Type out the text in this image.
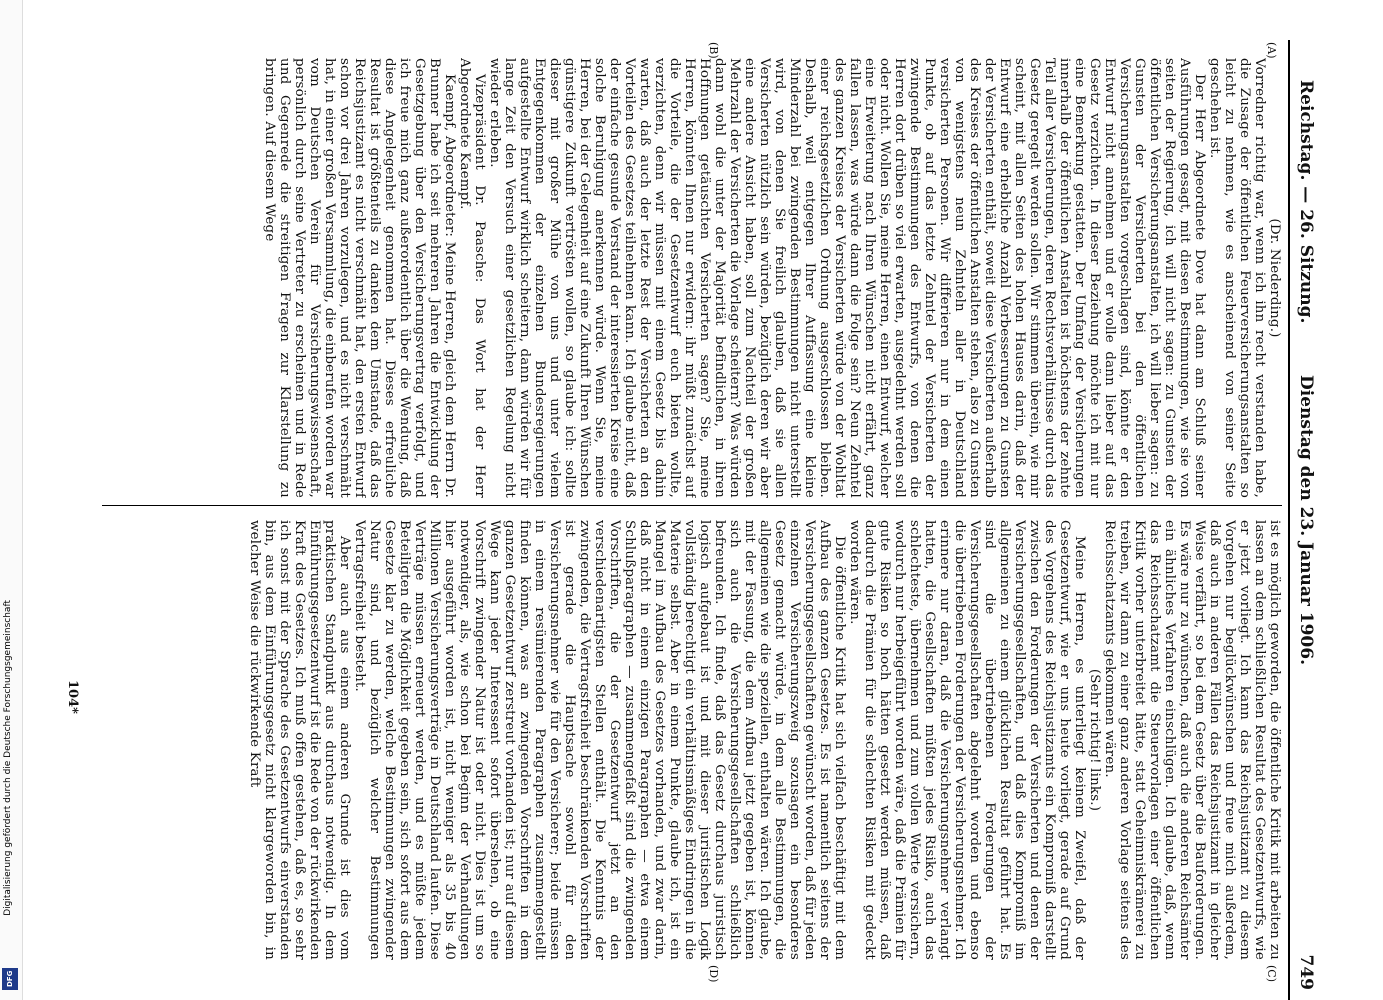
Digitalisierung gefördert durch die Deutsche Forschungsgemeinschaft
DFG
Reichstag. — 26. Sitzung.
Dienstag den 23. Januar 1906.
749
(A)
(B)
(C)
(D)

(Dr. Niederding.)

Vorredner richtig war, wenn ich ihn recht verstanden habe, die Zusage der öffentlichen Feuerversicherungsanstalten so leicht zu nehmen, wie es anscheinend von seiner Seite geschehen ist.

Der Herr Abgeordnete Dove hat dann am Schluß seiner Ausführungen gesagt, mit diesen Bestimmungen, wie sie von seiten der Regierung, ich will nicht sagen: zu Gunsten der öffentlichen Versicherungsanstalten, ich will lieber sagen: zu Gunsten der Versicherten bei den öffentlichen Versicherungsanstalten vorgeschlagen sind, könnte er den Entwurf nicht annehmen und er wolle dann lieber auf das Gesetz verzichten. In dieser Beziehung möchte ich mit nur eine Bemerkung gestatten. Der Umfang der Versicherungen innerhalb der öffentlichen Anstalten ist höchstens der zehnte Teil aller Versicherungen, deren Rechtsverhältnisse durch das Gesetz geregelt werden sollen. Wir stimmen überein, wie mir scheint, mit allen Seiten des hohen Hauses darin, daß der Entwurf eine erhebliche Anzahl Verbesserungen zu Gunsten der Versicherten enthält, soweit diese Versicherten außerhalb des Kreises der öffentlichen Anstalten stehen, also zu Gunsten von wenigstens neun Zehnteln aller in Deutschland versicherten Personen. Wir differieren nur in dem einen Punkte, ob auf das letzte Zehntel der Versicherten der zwingende Bestimmungen des Entwurfs, von denen die Herren dort drüben so viel erwarten, ausgedehnt werden soll oder nicht. Wollen Sie, meine Herren, einen Entwurf, welcher eine Erweiterung nach Ihren Wünschen nicht erfährt, ganz fallen lassen, was würde dann die Folge sein? Neun Zehntel des ganzen Kreises der Versicherten würde von der Wohltat einer reichsgesetzlichen Ordnung ausgeschlossen bleiben. Deshalb, weil entgegen Ihrer Auffassung eine kleine Minderzahl bei zwingenden Bestimmungen nicht unterstellt wird, von denen Sie freilich glauben, daß sie allen Versicherten nützlich sein würden, bezüglich deren wir aber eine andere Ansicht haben, soll zum Nachteil der großen Mehrzahl der Versicherten die Vorlage scheitern? Was würden dann wohl die unter der Majorität befindlichen, in ihren Hoffnungen getäuschten Versicherten sagen? Sie, meine Herren, könnten Ihnen nur erwidern: ihr müßt zunächst auf die Vorteile, die der Gesetzentwurf euch bieten wollte, verzichten, denn wir müssen mit einem Gesetz bis dahin warten, daß auch der letzte Rest der Versicherten an den Vorteilen des Gesetzes teilnehmen kann. Ich glaube nicht, daß der einfache gesunde Verstand der interessierten Kreise eine solche Beruhigung anerkennen würde. Wenn Sie, meine Herren, bei der Gelegenheit auf eine Zukunft Ihren Wünschen günstigere Zukunft vertrösten wollen, so glaube ich: sollte dieser mit großer Mühe von uns und unter vielem Entgegenkommen der einzelnen Bundesregierungen aufgestellte Entwurf wirklich scheitern, dann würden wir für lange Zeit den Versuch einer gesetzlichen Regelung nicht wieder erleben.

Vizepräsident Dr. Paasche: Das Wort hat der Herr Abgeordnete Kaempf.

Kaempf, Abgeordneter: Meine Herren, gleich dem Herrn Dr. Brunner habe ich seit mehreren Jahren die Entwicklung der Gesetzgebung über den Versicherungsvertrag verfolgt, und ich freue mich ganz außerordentlich über die Wendung, daß diese Angelegenheit genommen hat. Dieses erfreuliche Resultat ist größtenteils zu danken dem Umstande, daß das Reichsjustizamt es nicht verschmäht hat, den ersten Entwurf schon vor drei Jahren vorzulegen, und es nicht verschmäht hat, in einer großen Versammlung, die einberufen worden war vom Deutschen Verein für Versicherungswissenschaft, persönlich durch seine Vertreter zu erscheinen und in Rede und Gegenrede die streitigen Fragen zur Klarstellung zu bringen. Auf diesem Wege

ist es möglich geworden, die öffentliche Kritik mit arbeiten zu lassen an dem schließlichen Resultat des Gesetzentwurfs, wie er jetzt vorliegt. Ich kann das Reichsjustizamt zu diesem Vorgehen nur beglückwünschen und freue mich außerdem, daß auch in anderen Fällen das Reichsjustizamt in gleicher Weise verfährt, so bei dem Gesetz über die Bauforderungen. Es wäre nur zu wünschen, daß auch die anderen Reichsämter ein ähnliches Verfahren einschlügen. Ich glaube, daß, wenn das Reichsschatzamt die Steuervorlagen einer öffentlichen Kritik vorher unterbreitet hätte, statt Geheimniskrämerei zu treiben, wir dann zu einer ganz anderen Vorlage seitens des Reichsschatzamts gekommen wären.

(Sehr richtig! links.)

Meine Herren, es unterliegt keinem Zweifel, daß der Gesetzentwurf, wie er uns heute vorliegt, gerade auf Grund des Vorgehens des Reichsjustizamts ein Kompromiß darstellt zwischen den Forderungen der Versicherten und denen der Versicherungsgesellschaften, und daß dies Kompromiß im allgemeinen zu einem glücklichen Resultat geführt hat. Es sind die übertriebenen Forderungen der Versicherungsgesellschaften abgelehnt worden und ebenso die übertriebenen Forderungen der Versicherungsnehmer. Ich erinnere nur daran, daß die Versicherungsnehmer verlangt hatten, die Gesellschaften müßten jedes Risiko, auch das schlechteste, übernehmen und zum vollen Werte versichern, wodurch nur herbeigeführt worden wäre, daß die Prämien für gute Risiken so hoch hätten gesetzt werden müssen, daß dadurch die Prämien für die schlechten Risiken mit gedeckt worden wären.

Die öffentliche Kritik hat sich vielfach beschäftigt mit dem Aufbau des ganzen Gesetzes. Es ist namentlich seitens der Versicherungsgesellschaften gewünscht worden, daß für jeden einzelnen Versicherungszweig sozusagen ein besonderes Gesetz gemacht würde, in dem alle Bestimmungen, die allgemeinen wie die speziellen, enthalten wären. Ich glaube, mit der Fassung, die dem Aufbau jetzt gegeben ist, können sich auch die Versicherungsgesellschaften schließlich befreunden. Ich finde, daß das Gesetz durchaus juristisch logisch aufgebaut ist und mit dieser juristischen Logik vollständig berechtigt ein verhältnismäßiges Eindringen in die Materie selbst. Aber in einem Punkte, glaube ich, ist ein Mangel im Aufbau des Gesetzes vorhanden, und zwar darin, daß nicht in einem einzigen Paragraphen — etwa einem Schlußparagraphen — zusammengefaßt sind die zwingenden Vorschriften, die der Gesetzentwurf jetzt an den verschiedenartigsten Stellen enthält. Die Kenntnis der zwingenden, die Vertragsfreiheit beschränkenden Vorschriften ist gerade die Hauptsache sowohl für den Versicherungsnehmer wie für den Versicherer; beide müssen in einem resümierenden Paragraphen zusammengestellt finden können, was an zwingenden Vorschriften in dem ganzen Gesetzentwurf zerstreut vorhanden ist; nur auf diesem Wege kann jeder Interessent sofort übersehen, ob eine Vorschrift zwingender Natur ist oder nicht. Dies ist um so notwendiger, als, wie schon bei Beginn der Verhandlungen hier ausgeführt worden ist, nicht weniger als 35 bis 40 Millionen Versicherungsverträge in Deutschland laufen. Diese Verträge müssen erneuert werden, und es müßte jedem Beteiligten die Möglichkeit gegeben sein, sich sofort aus dem Gesetze klar zu werden, welche Bestimmungen zwingender Natur sind, und bezüglich welcher Bestimmungen Vertragsfreiheit besteht.

Aber auch aus einem anderen Grunde ist dies vom praktischen Standpunkt aus durchaus notwendig. In dem Einführungsgesetzentwurf ist die Rede von der rückwirkenden Kraft des Gesetzes. Ich muß offen gestehen, daß es, so sehr ich sonst mit der Sprache des Gesetzentwurfs einverstanden bin, aus dem Einführungsgesetz nicht klargeworden bin, in welcher Weise die rückwirkende Kraft

104*
